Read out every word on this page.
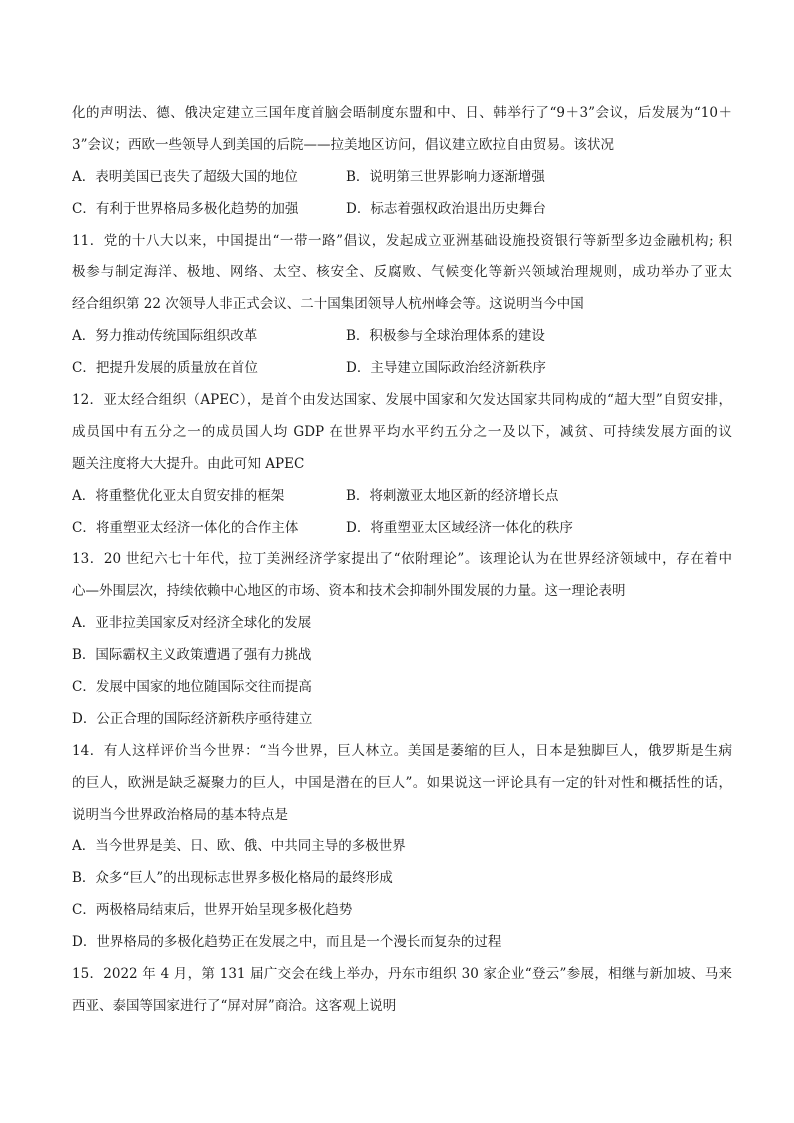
化的声明法、德、俄决定建立三国年度首脑会晤制度东盟和中、日、韩举行了“9＋3”会议，后发展为“10＋
3”会议；西欧一些领导人到美国的后院——拉美地区访问，倡议建立欧拉自由贸易。该状况
A．表明美国已丧失了超级大国的地位	B．说明第三世界影响力逐渐增强
C．有利于世界格局多极化趋势的加强	D．标志着强权政治退出历史舞台
11．党的十八大以来，中国提出“一带一路”倡议，发起成立亚洲基础设施投资银行等新型多边金融机构; 积
极参与制定海洋、极地、网络、太空、核安全、反腐败、气候变化等新兴领域治理规则，成功举办了亚太
经合组织第 22 次领导人非正式会议、二十国集团领导人杭州峰会等。这说明当今中国
A．努力推动传统国际组织改革	B．积极参与全球治理体系的建设
C．把提升发展的质量放在首位	D．主导建立国际政治经济新秩序
12．亚太经合组织（APEC），是首个由发达国家、发展中国家和欠发达国家共同构成的“超大型”自贸安排，
成员国中有五分之一的成员国人均 GDP 在世界平均水平约五分之一及以下，减贫、可持续发展方面的议
题关注度将大大提升。由此可知 APEC
A．将重整优化亚太自贸安排的框架	B．将刺激亚太地区新的经济增长点
C．将重塑亚太经济一体化的合作主体	D．将重塑亚太区域经济一体化的秩序
13．20 世纪六七十年代，拉丁美洲经济学家提出了“依附理论”。该理论认为在世界经济领域中，存在着中
心—外围层次，持续依赖中心地区的市场、资本和技术会抑制外围发展的力量。这一理论表明
A．亚非拉美国家反对经济全球化的发展
B．国际霸权主义政策遭遇了强有力挑战
C．发展中国家的地位随国际交往而提高
D．公正合理的国际经济新秩序亟待建立
14．有人这样评价当今世界：“当今世界，巨人林立。美国是萎缩的巨人，日本是独脚巨人，俄罗斯是生病
的巨人，欧洲是缺乏凝聚力的巨人，中国是潜在的巨人”。如果说这一评论具有一定的针对性和概括性的话，
说明当今世界政治格局的基本特点是
A．当今世界是美、日、欧、俄、中共同主导的多极世界
B．众多“巨人”的出现标志世界多极化格局的最终形成
C．两极格局结束后，世界开始呈现多极化趋势
D．世界格局的多极化趋势正在发展之中，而且是一个漫长而复杂的过程
15．2022 年 4 月，第 131 届广交会在线上举办，丹东市组织 30 家企业“登云”参展，相继与新加坡、马来
西亚、泰国等国家进行了“屏对屏”商洽。这客观上说明
